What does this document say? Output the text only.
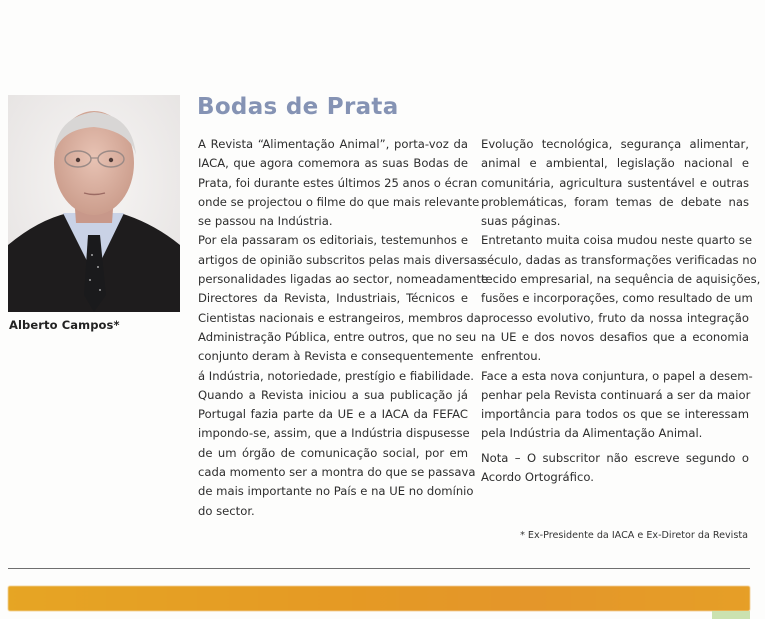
Alberto Campos*
Bodas de Prata

A Revista “Alimentação Animal”, porta-voz da
IACA, que agora comemora as suas Bodas de
Prata, foi durante estes últimos 25 anos o écran
onde se projectou o filme do que mais relevante
se passou na Indústria.

Por ela passaram os editoriais, testemunhos e
artigos de opinião subscritos pelas mais diversas
personalidades ligadas ao sector, nomeadamente
Directores da Revista, Industriais, Técnicos e
Cientistas nacionais e estrangeiros, membros da
Administração Pública, entre outros, que no seu
conjunto deram à Revista e consequentemente
á Indústria, notoriedade, prestígio e fiabilidade.

Quando a Revista iniciou a sua publicação já
Portugal fazia parte da UE e a IACA da FEFAC
impondo-se, assim, que a Indústria dispusesse
de um órgão de comunicação social, por em
cada momento ser a montra do que se passava
de mais importante no País e na UE no domínio
do sector.

Evolução tecnológica, segurança alimentar,
animal e ambiental, legislação nacional e
comunitária, agricultura sustentável e outras
problemáticas, foram temas de debate nas
suas páginas.

Entretanto muita coisa mudou neste quarto se
século, dadas as transformações verificadas no
tecido empresarial, na sequência de aquisições,
fusões e incorporações, como resultado de um
processo evolutivo, fruto da nossa integração
na UE e dos novos desafios que a economia
enfrentou.

Face a esta nova conjuntura, o papel a desem-
penhar pela Revista continuará a ser da maior
importância para todos os que se interessam
pela Indústria da Alimentação Animal.

Nota – O subscritor não escreve segundo o
Acordo Ortográfico.

* Ex-Presidente da IACA e Ex-Diretor da Revista
